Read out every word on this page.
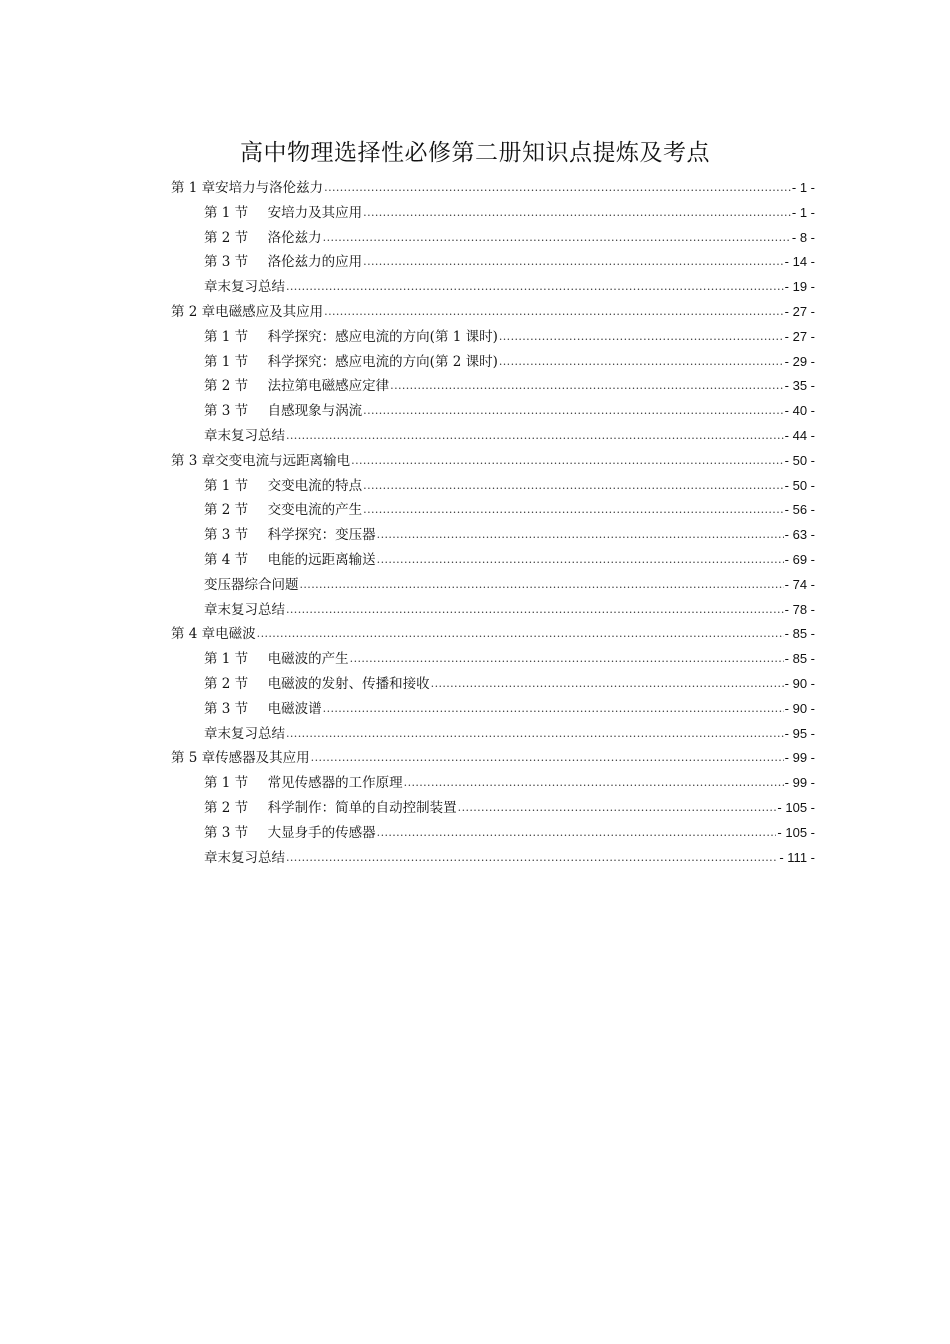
高中物理选择性必修第二册知识点提炼及考点
第 1 章安培力与洛伦兹力 .....	- 1 -
第 1 节  安培力及其应用 .....	- 1 -
第 2 节  洛伦兹力 .....	- 8 -
第 3 节  洛伦兹力的应用 .....	- 14 -
章末复习总结 .....	- 19 -
第 2 章电磁感应及其应用 .....	- 27 -
第 1 节  科学探究：感应电流的方向(第 1 课时) .....	- 27 -
第 1 节  科学探究：感应电流的方向(第 2 课时) .....	- 29 -
第 2 节  法拉第电磁感应定律 .....	- 35 -
第 3 节  自感现象与涡流 .....	- 40 -
章末复习总结 .....	- 44 -
第 3 章交变电流与远距离输电 .....	- 50 -
第 1 节  交变电流的特点 .....	- 50 -
第 2 节  交变电流的产生 .....	- 56 -
第 3 节  科学探究：变压器 .....	- 63 -
第 4 节  电能的远距离输送 .....	- 69 -
变压器综合问题 .....	- 74 -
章末复习总结 .....	- 78 -
第 4 章电磁波 .....	- 85 -
第 1 节  电磁波的产生 .....	- 85 -
第 2 节  电磁波的发射、传播和接收 .....	- 90 -
第 3 节  电磁波谱 .....	- 90 -
章末复习总结 .....	- 95 -
第 5 章传感器及其应用 .....	- 99 -
第 1 节  常见传感器的工作原理 .....	- 99 -
第 2 节  科学制作：简单的自动控制装置 .....	- 105 -
第 3 节  大显身手的传感器 .....	- 105 -
章末复习总结 .....	- 111 -
